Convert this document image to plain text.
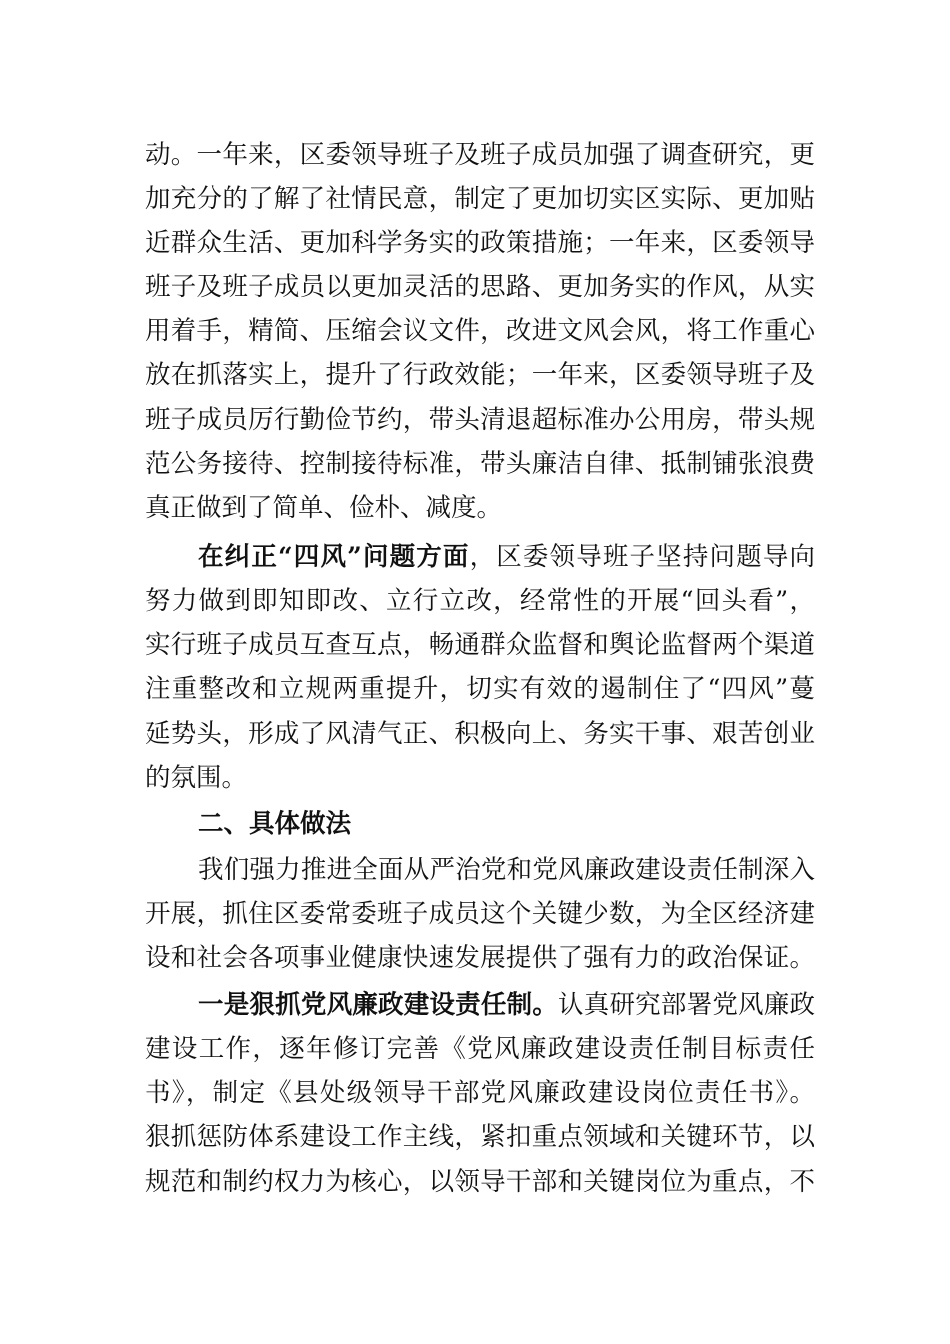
动。一年来，区委领导班子及班子成员加强了调查研究，更
加充分的了解了社情民意，制定了更加切实区实际、更加贴
近群众生活、更加科学务实的政策措施；一年来，区委领导
班子及班子成员以更加灵活的思路、更加务实的作风，从实
用着手，精简、压缩会议文件，改进文风会风，将工作重心
放在抓落实上，提升了行政效能；一年来，区委领导班子及
班子成员厉行勤俭节约，带头清退超标准办公用房，带头规
范公务接待、控制接待标准，带头廉洁自律、抵制铺张浪费
真正做到了简单、俭朴、减度。
在纠正“四风”问题方面，区委领导班子坚持问题导向
努力做到即知即改、立行立改，经常性的开展“回头看”，
实行班子成员互查互点，畅通群众监督和舆论监督两个渠道
注重整改和立规两重提升，切实有效的遏制住了“四风”蔓
延势头，形成了风清气正、积极向上、务实干事、艰苦创业
的氛围。
二、具体做法
我们强力推进全面从严治党和党风廉政建设责任制深入
开展，抓住区委常委班子成员这个关键少数，为全区经济建
设和社会各项事业健康快速发展提供了强有力的政治保证。
一是狠抓党风廉政建设责任制。认真研究部署党风廉政
建设工作，逐年修订完善《党风廉政建设责任制目标责任
书》，制定《县处级领导干部党风廉政建设岗位责任书》。
狠抓惩防体系建设工作主线，紧扣重点领域和关键环节，以
规范和制约权力为核心，以领导干部和关键岗位为重点，不
